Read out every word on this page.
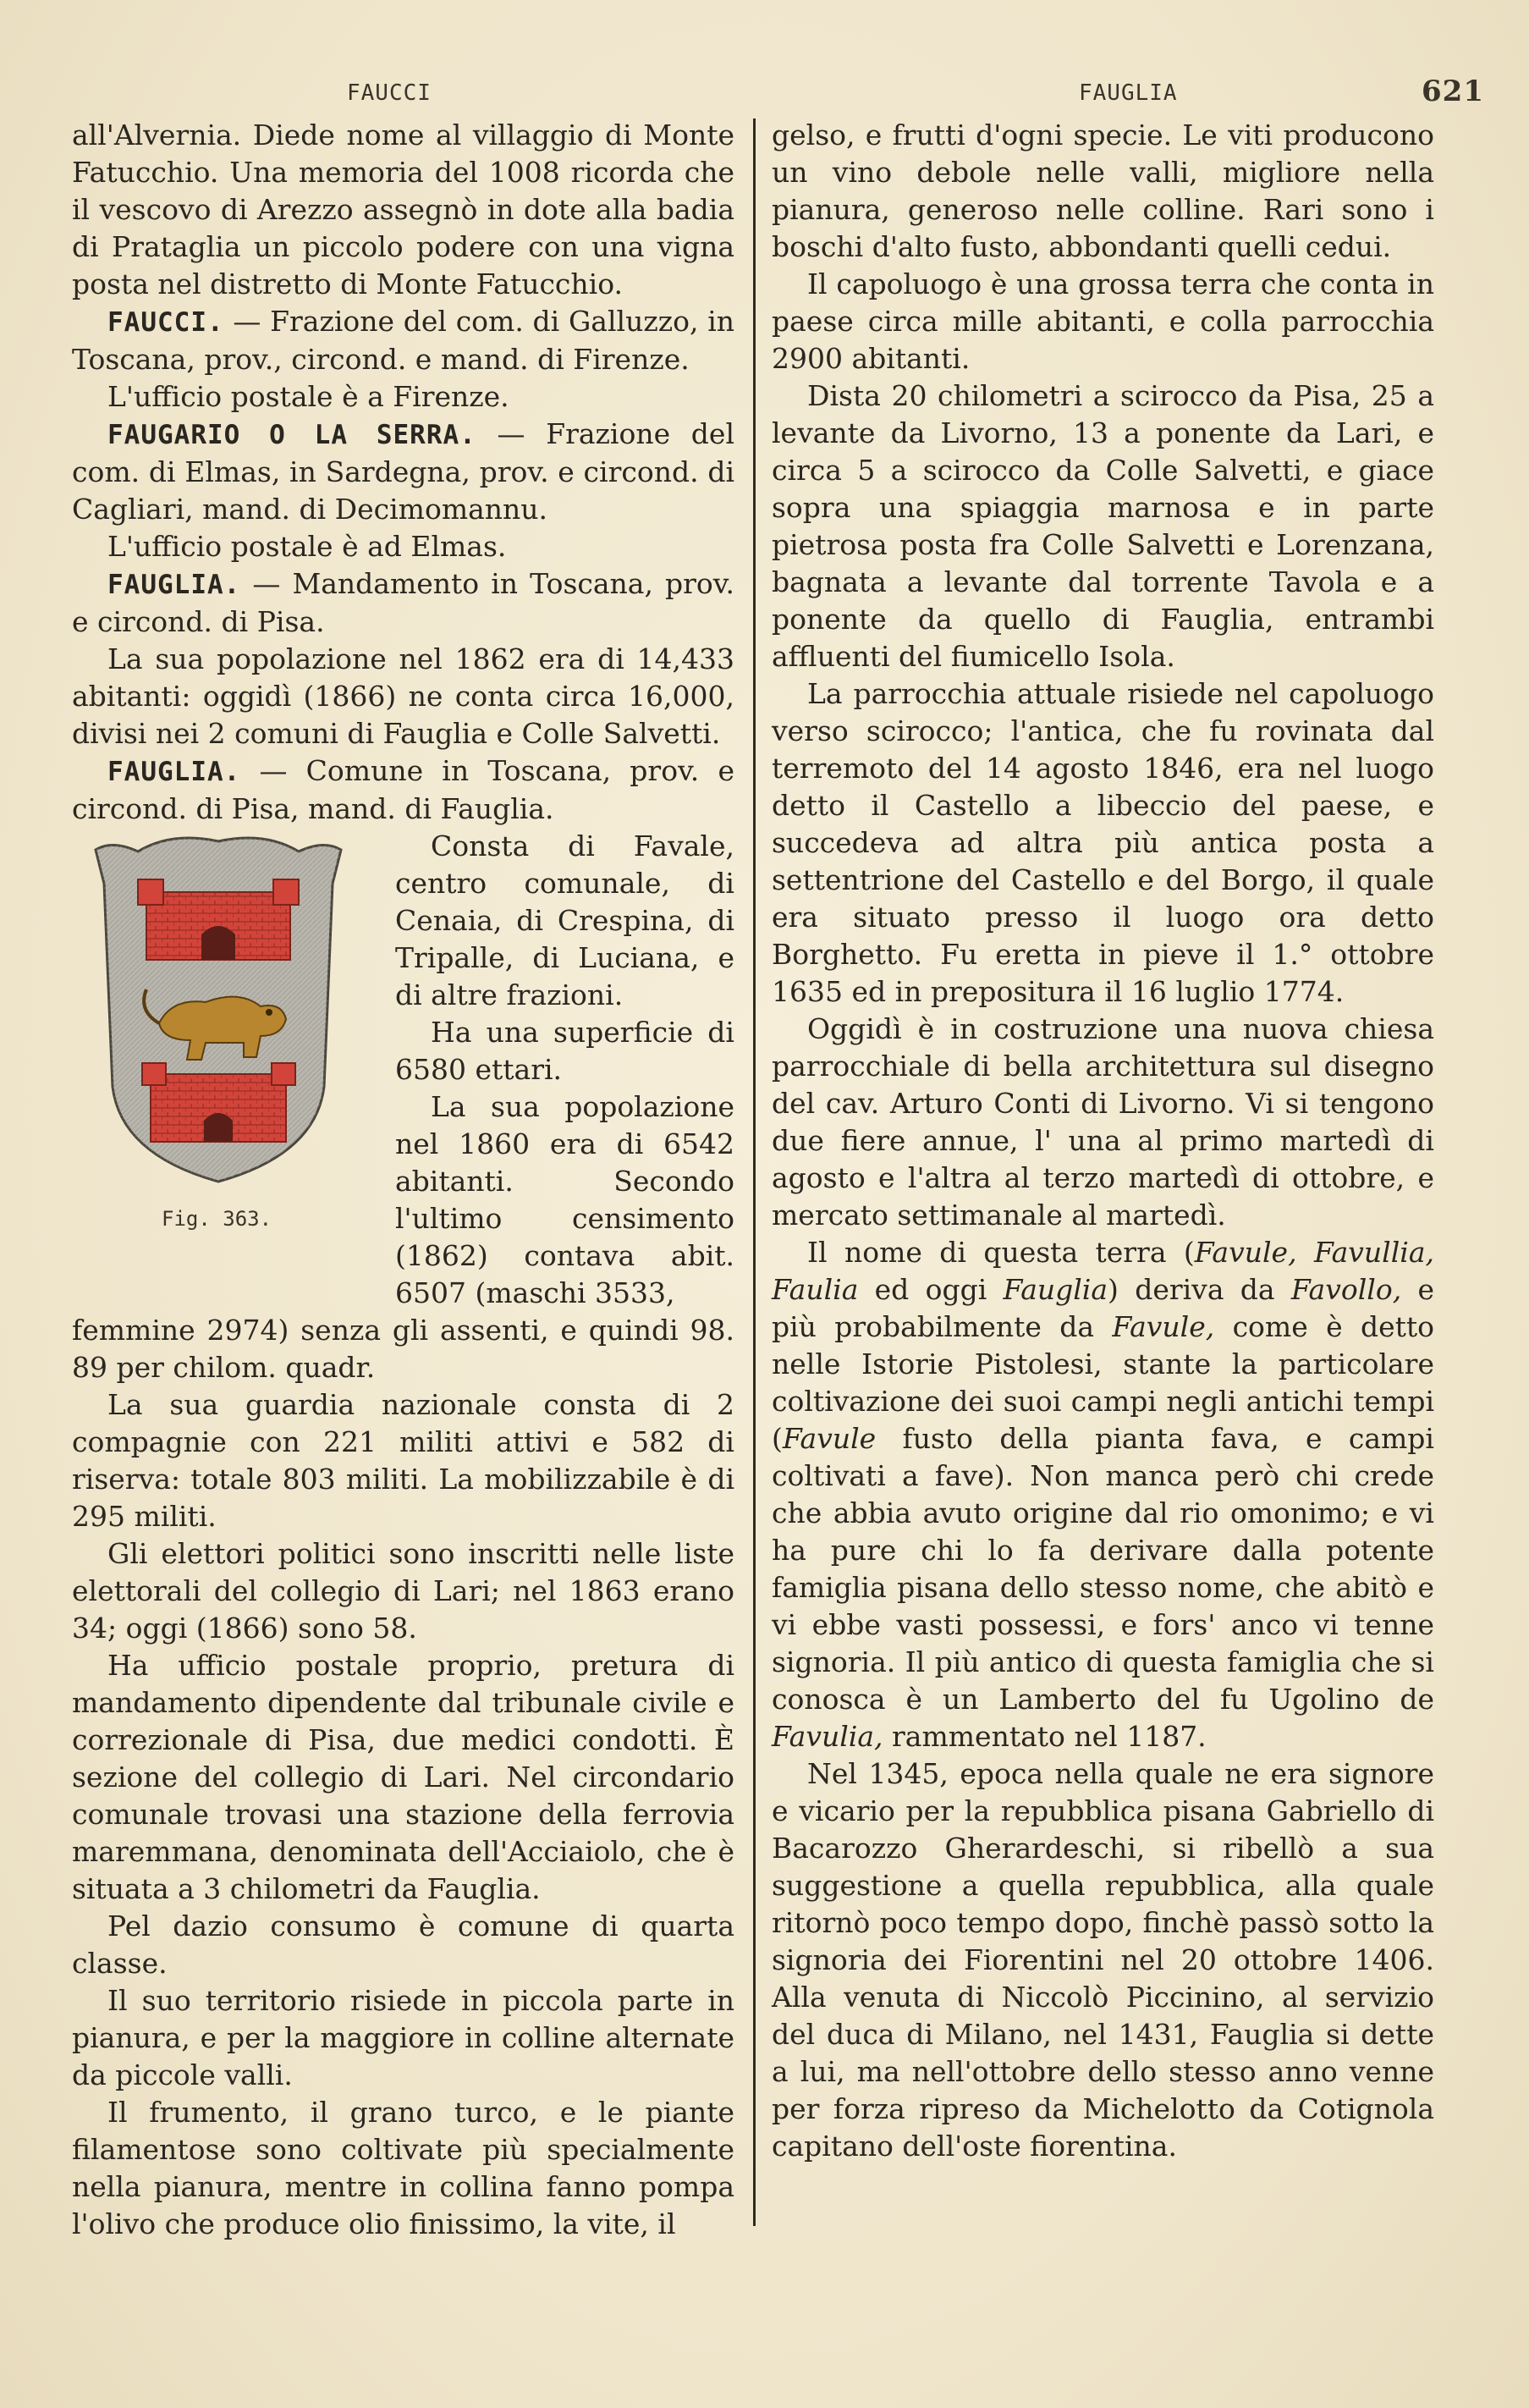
FAUCCI	FAUGLIA	621

all'Alvernia. Diede nome al villaggio di Monte Fatucchio. Una memoria del 1008 ricorda che il vescovo di Arezzo assegnò in dote alla badia di Prataglia un piccolo podere con una vigna posta nel distretto di Monte Fatucchio.

FAUCCI. — Frazione del com. di Galluzzo, in Toscana, prov., circond. e mand. di Firenze.

L'ufficio postale è a Firenze.

FAUGARIO O LA SERRA. — Frazione del com. di Elmas, in Sardegna, prov. e circond. di Cagliari, mand. di Decimomannu.

L'ufficio postale è ad Elmas.

FAUGLIA. — Mandamento in Toscana, prov. e circond. di Pisa.

La sua popolazione nel 1862 era di 14,433 abitanti: oggidì (1866) ne conta circa 16,000, divisi nei 2 comuni di Fauglia e Colle Salvetti.

FAUGLIA. — Comune in Toscana, prov. e circond. di Pisa, mand. di Fauglia.

Fig. 363.

Consta di Favale, centro comunale, di Cenaia, di Crespina, di Tripalle, di Luciana, e di altre frazioni.

Ha una superficie di 6580 ettari.

La sua popolazione nel 1860 era di 6542 abitanti. Secondo l'ultimo censimento (1862) contava abit. 6507 (maschi 3533,

femmine 2974) senza gli assenti, e quindi 98. 89 per chilom. quadr.

La sua guardia nazionale consta di 2 compagnie con 221 militi attivi e 582 di riserva: totale 803 militi. La mobilizzabile è di 295 militi.

Gli elettori politici sono inscritti nelle liste elettorali del collegio di Lari; nel 1863 erano 34; oggi (1866) sono 58.

Ha ufficio postale proprio, pretura di mandamento dipendente dal tribunale civile e correzionale di Pisa, due medici condotti. È sezione del collegio di Lari. Nel circondario comunale trovasi una stazione della ferrovia maremmana, denominata dell'Acciaiolo, che è situata a 3 chilometri da Fauglia.

Pel dazio consumo è comune di quarta classe.

Il suo territorio risiede in piccola parte in pianura, e per la maggiore in colline alternate da piccole valli.

Il frumento, il grano turco, e le piante filamentose sono coltivate più specialmente nella pianura, mentre in collina fanno pompa l'olivo che produce olio finissimo, la vite, il

gelso, e frutti d'ogni specie. Le viti producono un vino debole nelle valli, migliore nella pianura, generoso nelle colline. Rari sono i boschi d'alto fusto, abbondanti quelli cedui.

Il capoluogo è una grossa terra che conta in paese circa mille abitanti, e colla parrocchia 2900 abitanti.

Dista 20 chilometri a scirocco da Pisa, 25 a levante da Livorno, 13 a ponente da Lari, e circa 5 a scirocco da Colle Salvetti, e giace sopra una spiaggia marnosa e in parte pietrosa posta fra Colle Salvetti e Lorenzana, bagnata a levante dal torrente Tavola e a ponente da quello di Fauglia, entrambi affluenti del fiumicello Isola.

La parrocchia attuale risiede nel capoluogo verso scirocco; l'antica, che fu rovinata dal terremoto del 14 agosto 1846, era nel luogo detto il Castello a libeccio del paese, e succedeva ad altra più antica posta a settentrione del Castello e del Borgo, il quale era situato presso il luogo ora detto Borghetto. Fu eretta in pieve il 1.° ottobre 1635 ed in prepositura il 16 luglio 1774.

Oggidì è in costruzione una nuova chiesa parrocchiale di bella architettura sul disegno del cav. Arturo Conti di Livorno. Vi si tengono due fiere annue, l' una al primo martedì di agosto e l'altra al terzo martedì di ottobre, e mercato settimanale al martedì.

Il nome di questa terra (Favule, Favullia, Faulia ed oggi Fauglia) deriva da Favollo, e più probabilmente da Favule, come è detto nelle Istorie Pistolesi, stante la particolare coltivazione dei suoi campi negli antichi tempi (Favule fusto della pianta fava, e campi coltivati a fave). Non manca però chi crede che abbia avuto origine dal rio omonimo; e vi ha pure chi lo fa derivare dalla potente famiglia pisana dello stesso nome, che abitò e vi ebbe vasti possessi, e fors' anco vi tenne signoria. Il più antico di questa famiglia che si conosca è un Lamberto del fu Ugolino de Favulia, rammentato nel 1187.

Nel 1345, epoca nella quale ne era signore e vicario per la repubblica pisana Gabriello di Bacarozzo Gherardeschi, si ribellò a sua suggestione a quella repubblica, alla quale ritornò poco tempo dopo, finchè passò sotto la signoria dei Fiorentini nel 20 ottobre 1406. Alla venuta di Niccolò Piccinino, al servizio del duca di Milano, nel 1431, Fauglia si dette a lui, ma nell'ottobre dello stesso anno venne per forza ripreso da Michelotto da Cotignola capitano dell'oste fiorentina.
